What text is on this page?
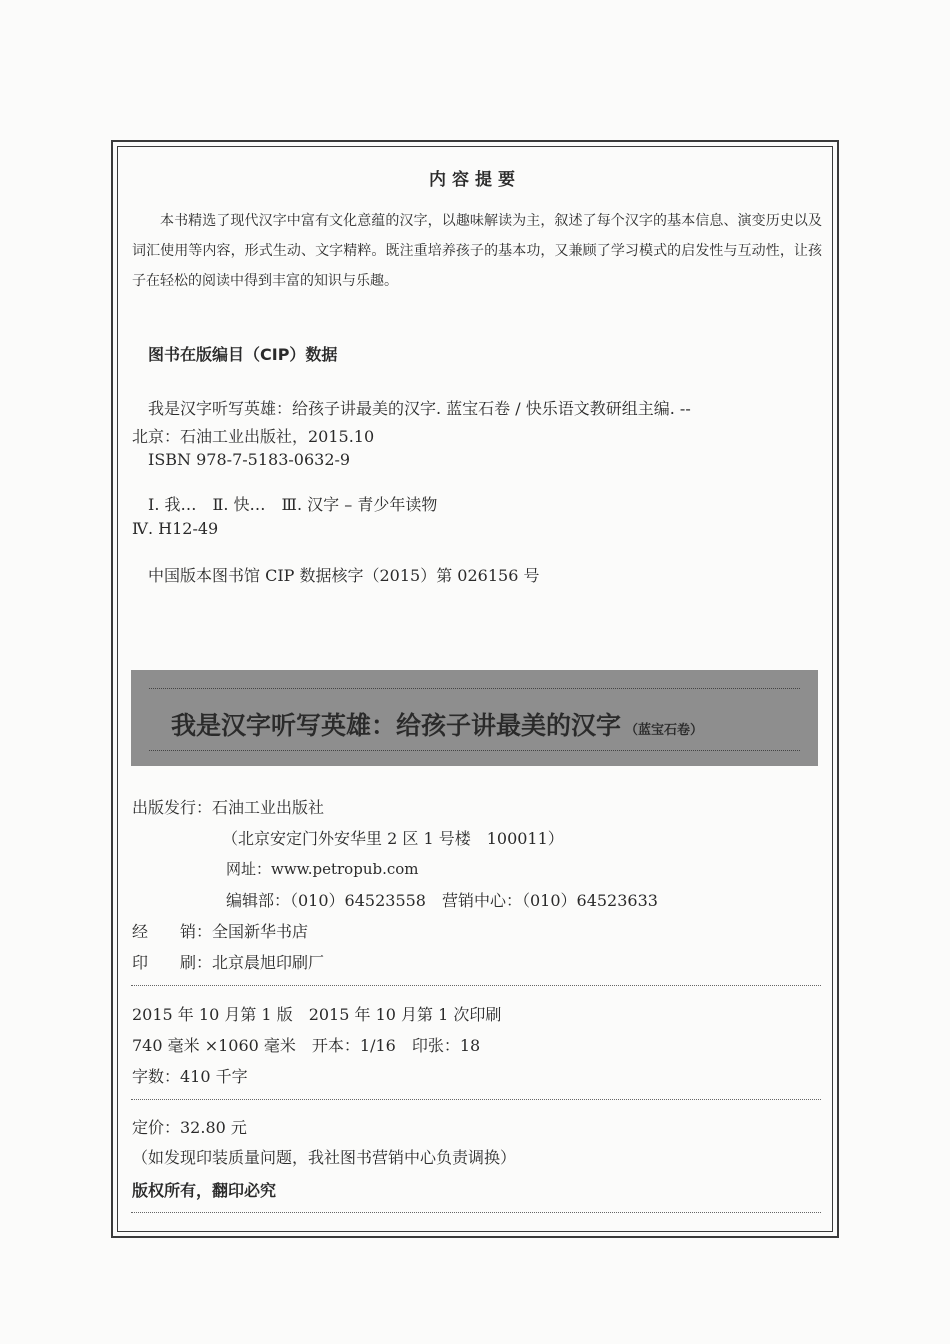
内容提要
本书精选了现代汉字中富有文化意蕴的汉字，以趣味解读为主，叙述了每个汉字的基本信息、演变历史以及词汇使用等内容，形式生动、文字精粹。既注重培养孩子的基本功，又兼顾了学习模式的启发性与互动性，让孩子在轻松的阅读中得到丰富的知识与乐趣。
图书在版编目（CIP）数据
我是汉字听写英雄：给孩子讲最美的汉字. 蓝宝石卷 / 快乐语文教研组主编. --
北京：石油工业出版社，2015.10
ISBN 978-7-5183-0632-9
Ⅰ. 我…　Ⅱ. 快…　Ⅲ. 汉字 – 青少年读物
Ⅳ. H12-49
中国版本图书馆 CIP 数据核字（2015）第 026156 号
我是汉字听写英雄：给孩子讲最美的汉字 （蓝宝石卷）
出版发行：石油工业出版社
（北京安定门外安华里 2 区 1 号楼　100011）
网址：www.petropub.com
编辑部：（010）64523558　营销中心：（010）64523633
经　　销：全国新华书店
印　　刷：北京晨旭印刷厂
2015 年 10 月第 1 版　2015 年 10 月第 1 次印刷
740 毫米 ×1060 毫米　开本：1/16　印张：18
字数：410 千字
定价：32.80 元
（如发现印装质量问题，我社图书营销中心负责调换）
版权所有，翻印必究
